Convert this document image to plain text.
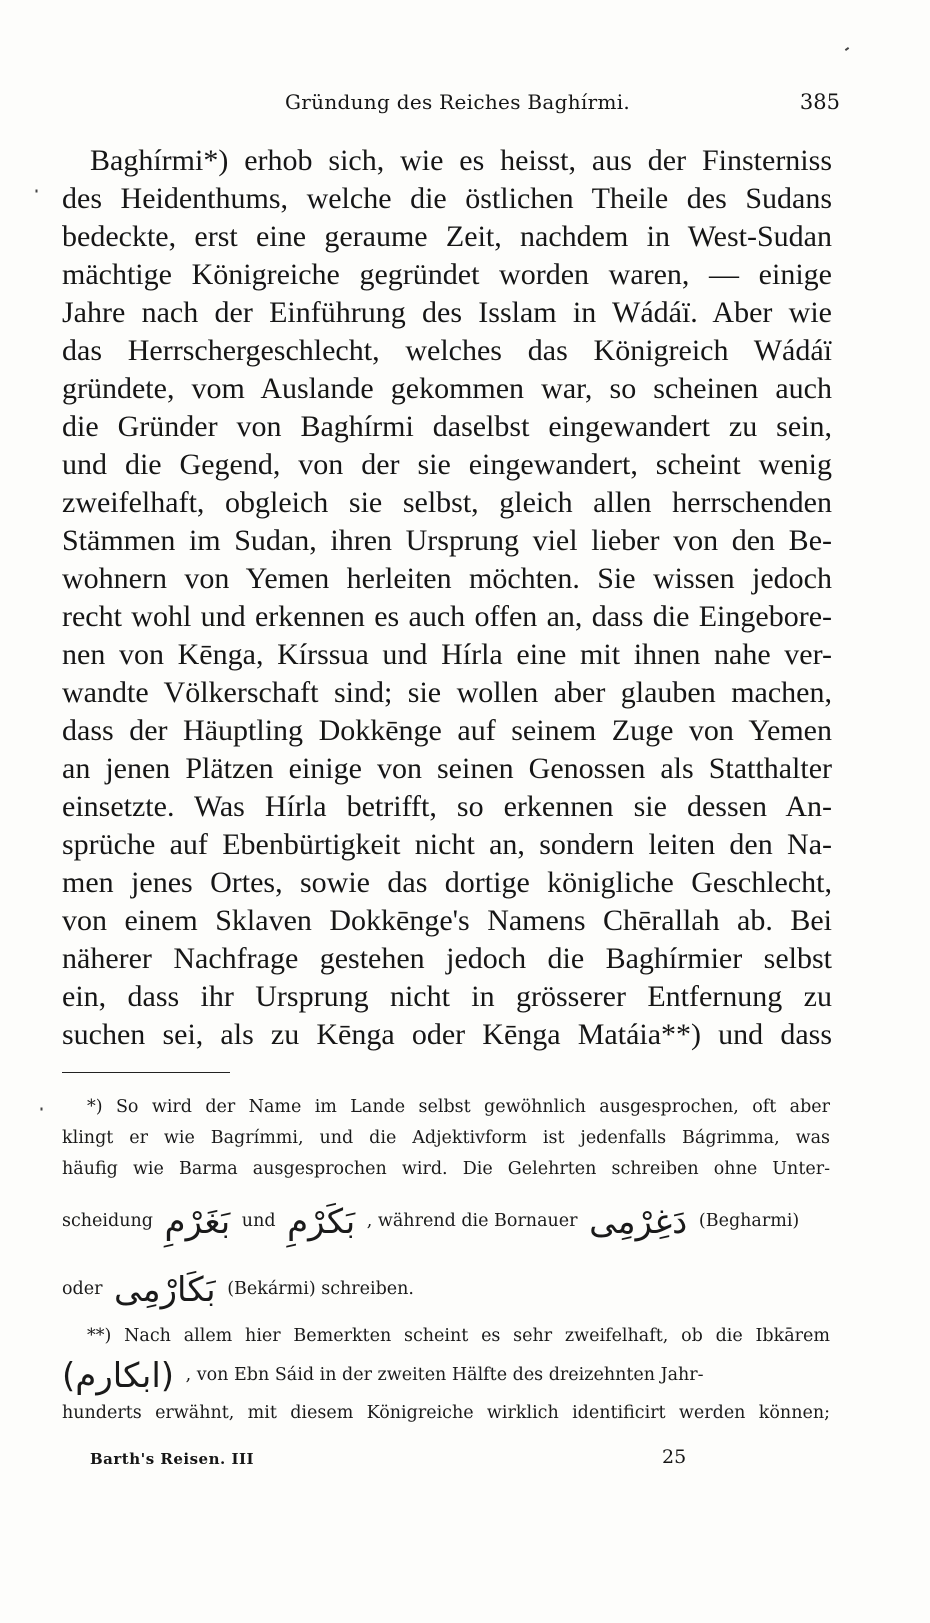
Gründung des Reiches Baghírmi.	385
Baghírmi*) erhob sich, wie es heisst, aus der Finsterniss
des Heidenthums, welche die östlichen Theile des Sudans
bedeckte, erst eine geraume Zeit, nachdem in West-Sudan
mächtige Königreiche gegründet worden waren, — einige
Jahre nach der Einführung des Isslam in Wádáï. Aber wie
das Herrschergeschlecht, welches das Königreich Wádáï
gründete, vom Auslande gekommen war, so scheinen auch
die Gründer von Baghírmi daselbst eingewandert zu sein,
und die Gegend, von der sie eingewandert, scheint wenig
zweifelhaft, obgleich sie selbst, gleich allen herrschenden
Stämmen im Sudan, ihren Ursprung viel lieber von den Be-
wohnern von Yemen herleiten möchten. Sie wissen jedoch
recht wohl und erkennen es auch offen an, dass die Eingebore-
nen von Kēnga, Kírssua und Hírla eine mit ihnen nahe ver-
wandte Völkerschaft sind; sie wollen aber glauben machen,
dass der Häuptling Dokkēnge auf seinem Zuge von Yemen
an jenen Plätzen einige von seinen Genossen als Statthalter
einsetzte. Was Hírla betrifft, so erkennen sie dessen An-
sprüche auf Ebenbürtigkeit nicht an, sondern leiten den Na-
men jenes Ortes, sowie das dortige königliche Geschlecht,
von einem Sklaven Dokkēnge's Namens Chērallah ab. Bei
näherer Nachfrage gestehen jedoch die Baghírmier selbst
ein, dass ihr Ursprung nicht in grösserer Entfernung zu
suchen sei, als zu Kēnga oder Kēnga Matáia**) und dass
*) So wird der Name im Lande selbst gewöhnlich ausgesprochen, oft aber
klingt er wie Bagrímmi, und die Adjektivform ist jedenfalls Bágrimma, was
häufig wie Barma ausgesprochen wird. Die Gelehrten schreiben ohne Unter-
scheidung بَغَرْمِ und بَكَرْمِ , während die Bornauer دَغِرْمِی (Begharmi)
oder بَكَارْمِی (Bekármi) schreiben.
**) Nach allem hier Bemerkten scheint es sehr zweifelhaft, ob die Ibkārem
(ابكارم) , von Ebn Sáid in der zweiten Hälfte des dreizehnten Jahr-
hunderts erwähnt, mit diesem Königreiche wirklich identificirt werden können;
Barth's Reisen. III	25
